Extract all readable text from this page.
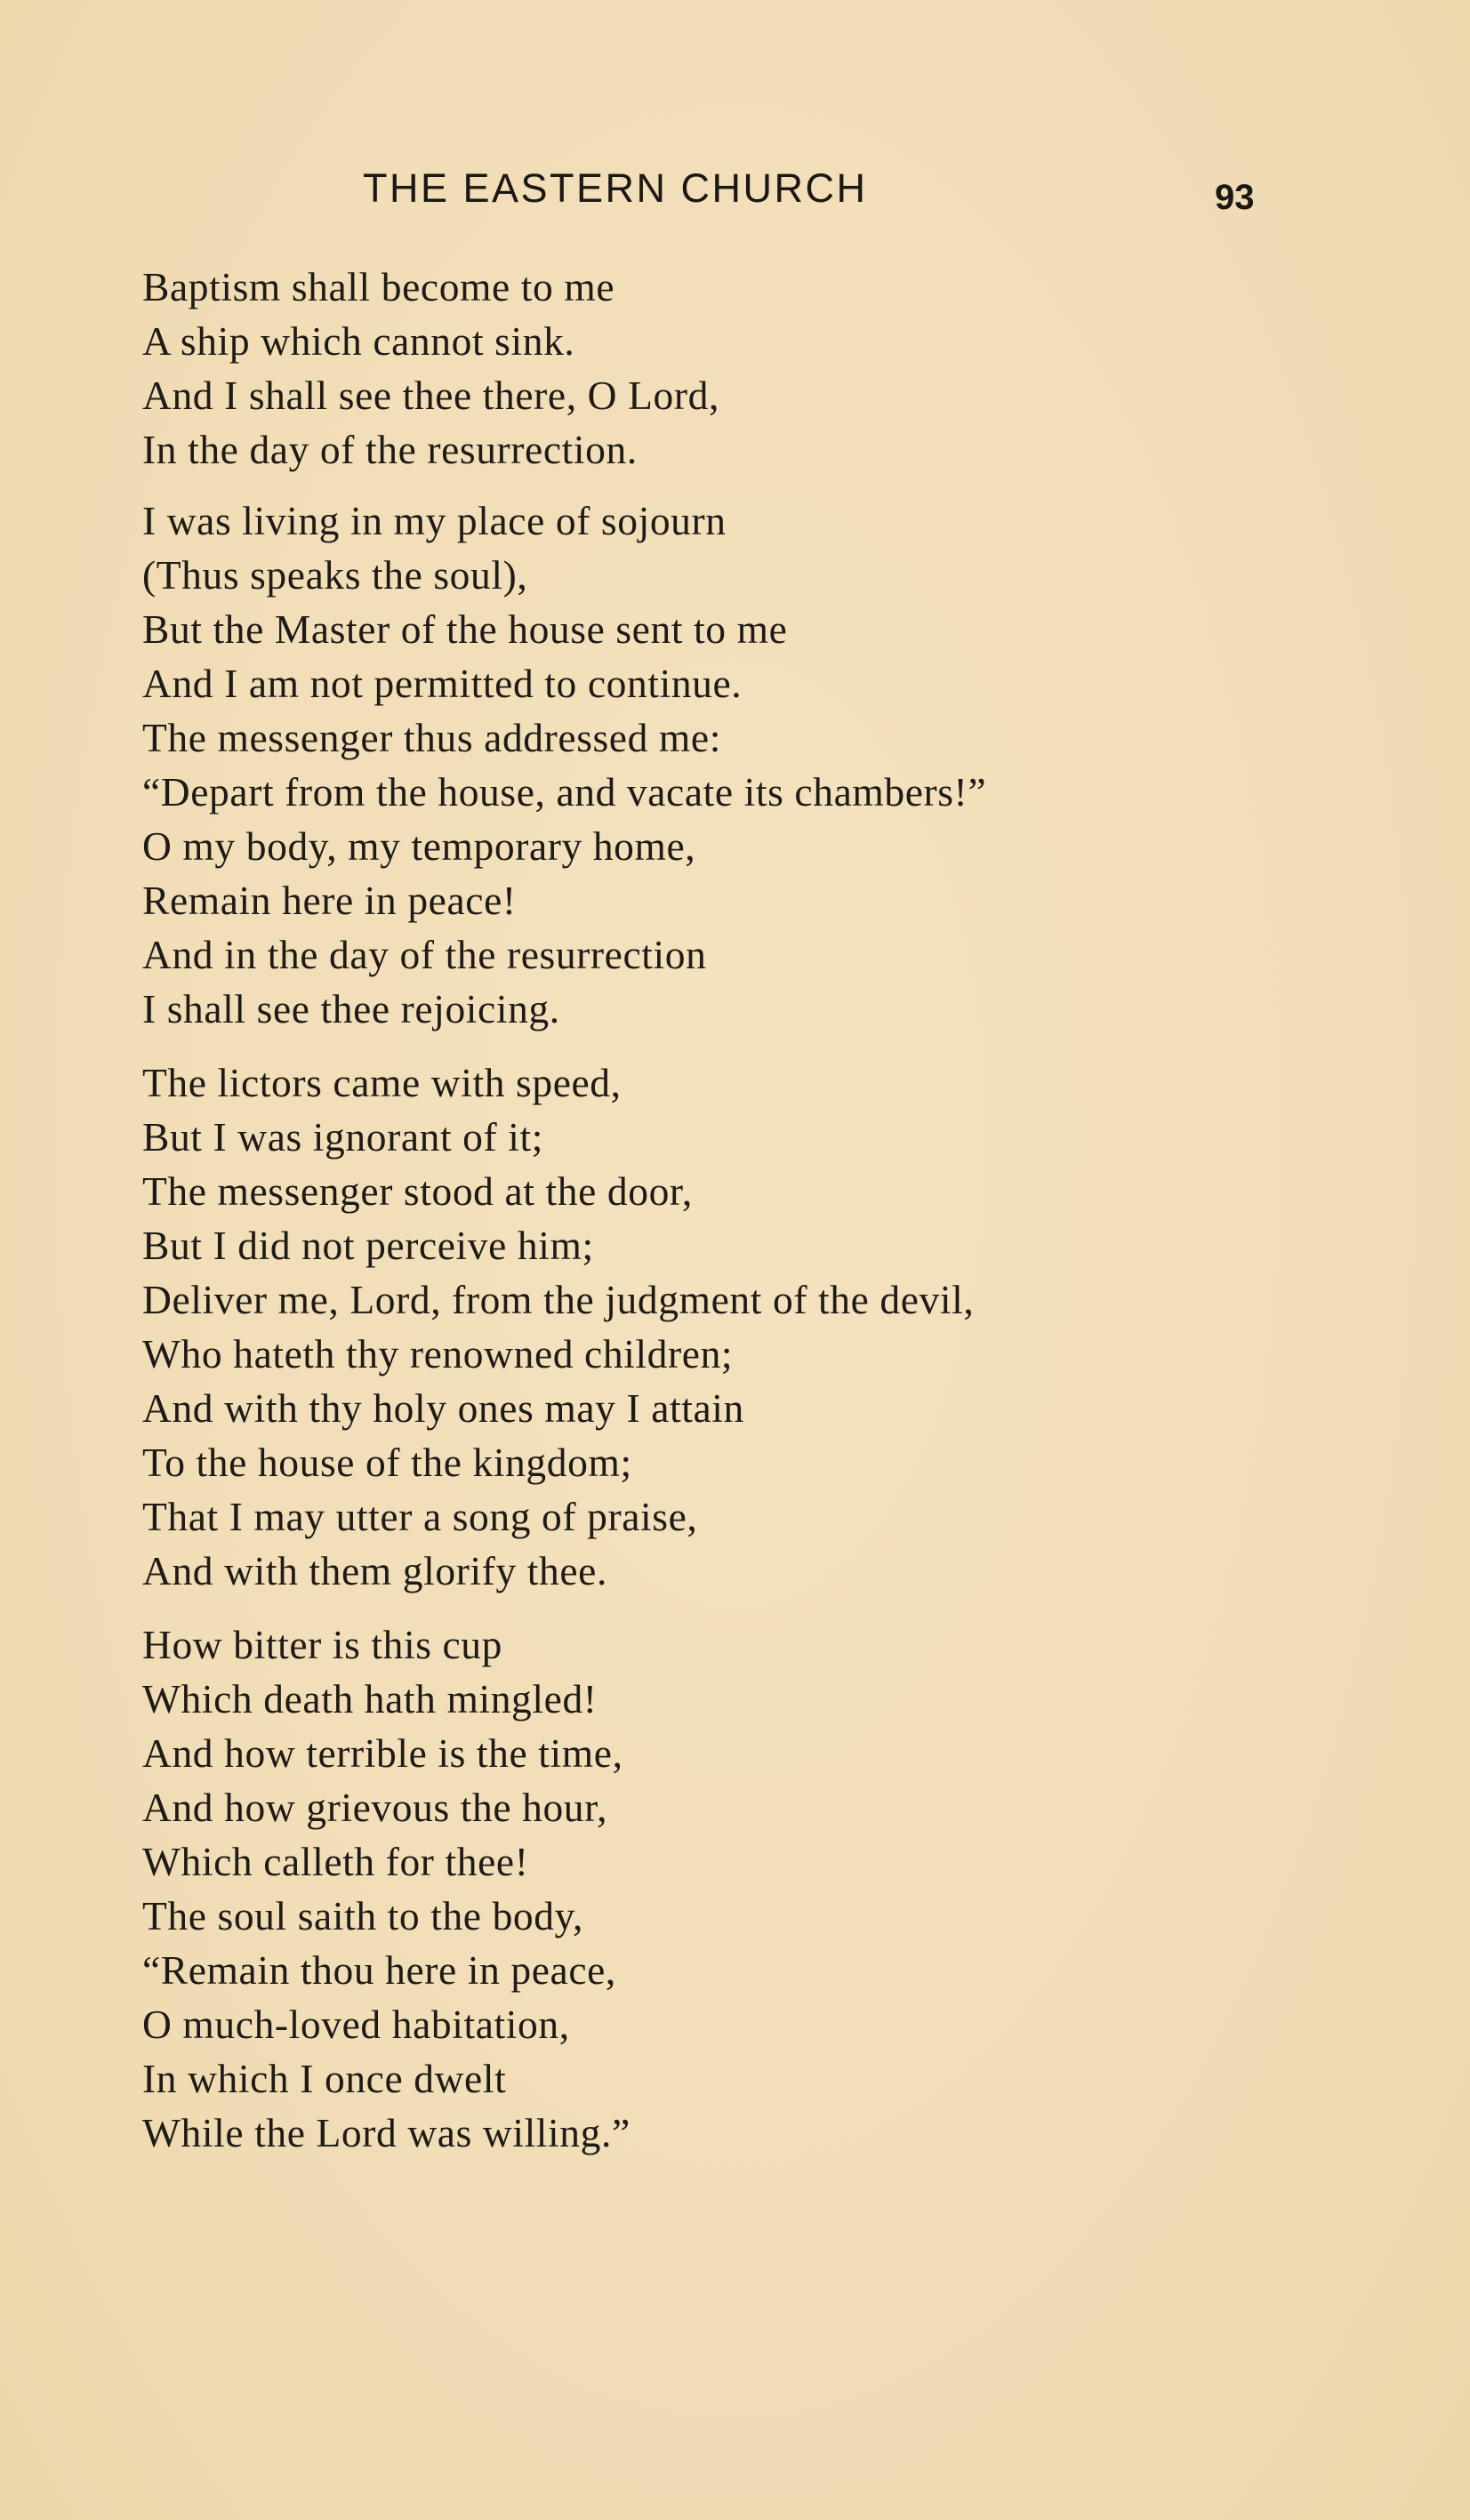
THE EASTERN CHURCH	93
Baptism shall become to me
A ship which cannot sink.
And I shall see thee there, O Lord,
In the day of the resurrection.
I was living in my place of sojourn
(Thus speaks the soul),
But the Master of the house sent to me
And I am not permitted to continue.
The messenger thus addressed me:
“Depart from the house, and vacate its chambers!”
O my body, my temporary home,
Remain here in peace!
And in the day of the resurrection
I shall see thee rejoicing.
The lictors came with speed,
But I was ignorant of it;
The messenger stood at the door,
But I did not perceive him;
Deliver me, Lord, from the judgment of the devil,
Who hateth thy renowned children;
And with thy holy ones may I attain
To the house of the kingdom;
That I may utter a song of praise,
And with them glorify thee.
How bitter is this cup
Which death hath mingled!
And how terrible is the time,
And how grievous the hour,
Which calleth for thee!
The soul saith to the body,
“Remain thou here in peace,
O much-loved habitation,
In which I once dwelt
While the Lord was willing.”
